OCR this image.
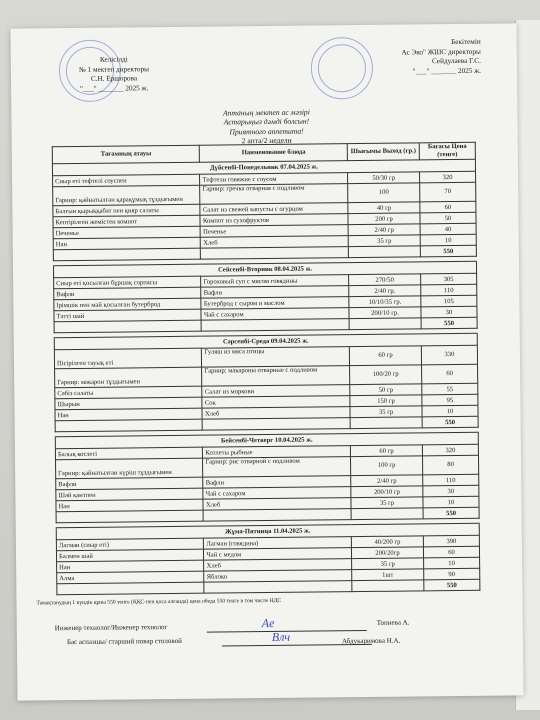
Келісілді
№ 1 мектеп директоры
С.Н. Ершорова
"___" _______ 2025 ж.
Бекітемін
Ас Эко" ЖШС директоры
Сейдулаева Г.С.
"___" _______ 2025 ж.
Аптаның мектеп ас мәзірі
Астарыңыз дәмді болсын!
Приятного аппетита!
2 апта/2 недели
Тағамның атауы	Наименование блюда	Шығымы Выход (гр.)	Бағасы Цена (тенге)
Дүйсенбі-Понедельник 07.04.2025 ж.			
Сиыр еті тефтелі соуспен	Тефтели говяжие с соусом	50/30 гр	320
Гарнир: қайнатылған қарақұмық тұздығымен	Гарнир: гречка отварная с подливом	100	70
Балғын қырыққабат пен қияр салаты	Салат из свежей капусты с огурцом	40 гр	60
Кептірілген жемістен компот	Компот из сухофруктов	200 гр	50
Печенье	Печенье	2/40 гр	40
Нан	Хлеб	35 гр	10
			550

Сейсенбі-Вторник 08.04.2025 ж.			
Сиыр еті қосылған бұршақ сорпасы	Гороховый суп с мясом говядины	270/50	305
Вафли	Вафли	2/40 гр.	110
Ірімшік пен май қосылған бутерброд	Бутерброд с сыром и маслом	10/10/35 гр.	105
Тәтті шай	Чай с сахаром	200/10 гр.	30
			550

Сәрсенбі-Среда 09.04.2025 ж.			
Пісірілген тауық еті	Гуляш из мяса птицы	60 гр	330
Гарнир: макарон тұздығымен	Гарнир: макароны отварные с подливом	100/20 гр	60
Сәбіз салаты	Салат из моркови	50 гр	55
Шырын	Сок	150 гр	95
Нан	Хлеб	35 гр	10
			550

Бейсенбі-Четверг 10.04.2025 ж.			
Балық котлеті	Котлеты рыбные	60 гр	320
Гарнир: қайнатылған күріш тұздығымен	Гарнир: рис отварной с подливом	100 гр	80
Вафли	Вафли	2/40 гр	110
Шәй қантпен	Чай с сахаром	200/10 гр	30
Нан	Хлеб	35 гр	10
			550

Жұма-Пятница 11.04.2025 ж.			
Лагман (сиыр еті)	Лагман (говядина)	40/200 гр	390
Балмен шай	Чай с медом	200/20гр	60
Нан	Хлеб	35 гр	10
Алма	Яблоко	1шт	90
			550
Тамақтанудың 1 күндік құны 550 тенге (ҚҚС-пен қоса алғанда) цена обеда 550 тенге в том числе НДС
Инженер технолог/Инженер технолог	Ae	Топиева А.
Бас аспазшы/ старший повар столовой	Bлч	Абдукаримова Н.А.
